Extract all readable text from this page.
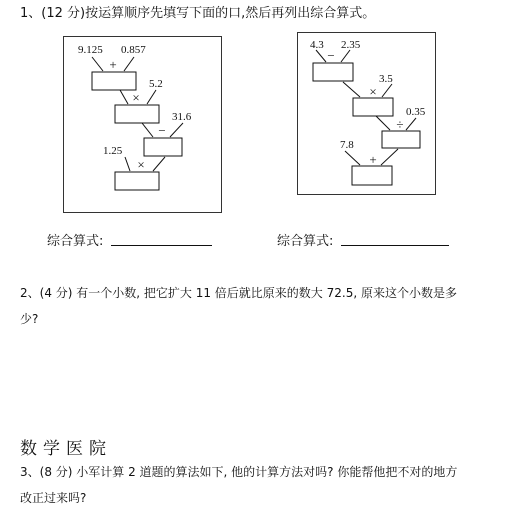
1、(12 分)按运算顺序先填写下面的口,然后再列出综合算式。
9.125 0.857
5.2
31.6
1.25
+
×
−
×
4.3 2.35
3.5
0.35
7.8
−
×
÷
+
综合算式:	综合算式:
2、(4 分) 有一个小数, 把它扩大 11 倍后就比原来的数大 72.5, 原来这个小数是多
少?
数学医院
3、(8 分) 小军计算 2 道题的算法如下, 他的计算方法对吗? 你能帮他把不对的地方
改正过来吗?
